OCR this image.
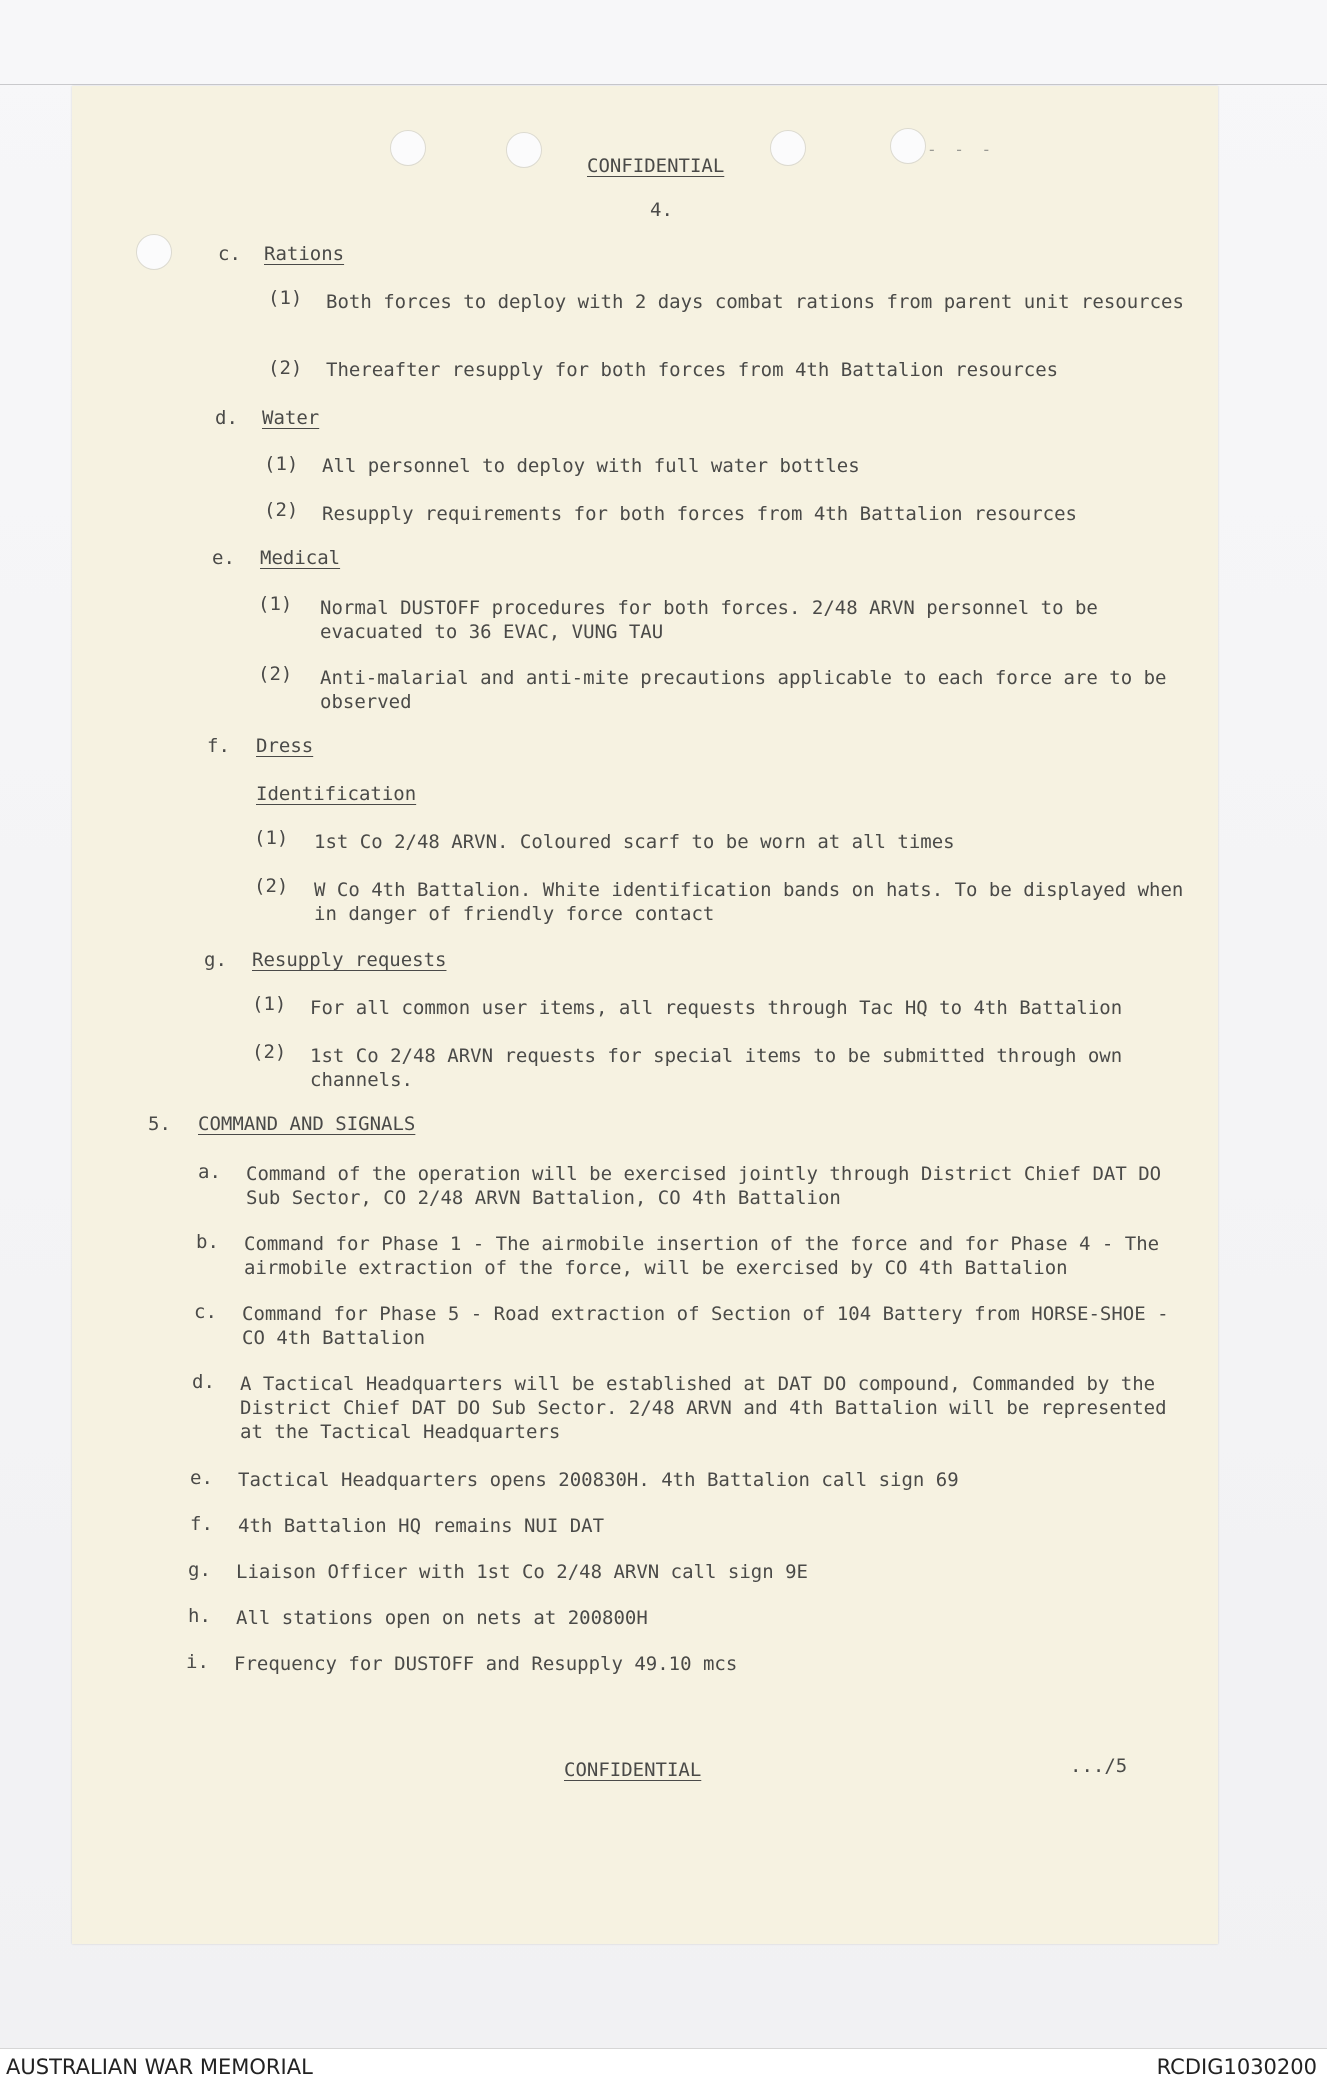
- - -
CONFIDENTIAL
4.
c. Rations
(1) Both forces to deploy with 2 days combat rations from parent unit resources
(2) Thereafter resupply for both forces from 4th Battalion resources
d. Water
(1) All personnel to deploy with full water bottles
(2) Resupply requirements for both forces from 4th Battalion resources
e. Medical
(1) Normal DUSTOFF procedures for both forces. 2/48 ARVN personnel to be evacuated to 36 EVAC, VUNG TAU
(2) Anti-malarial and anti-mite precautions applicable to each force are to be observed
f. Dress
Identification
(1) 1st Co 2/48 ARVN. Coloured scarf to be worn at all times
(2) W Co 4th Battalion. White identification bands on hats. To be displayed when in danger of friendly force contact
g. Resupply requests
(1) For all common user items, all requests through Tac HQ to 4th Battalion
(2) 1st Co 2/48 ARVN requests for special items to be submitted through own channels.
5. COMMAND AND SIGNALS
a. Command of the operation will be exercised jointly through District Chief DAT DO Sub Sector, CO 2/48 ARVN Battalion, CO 4th Battalion
b. Command for Phase 1 - The airmobile insertion of the force and for Phase 4 - The airmobile extraction of the force, will be exercised by CO 4th Battalion
c. Command for Phase 5 - Road extraction of Section of 104 Battery from HORSE-SHOE - CO 4th Battalion
d. A Tactical Headquarters will be established at DAT DO compound, Commanded by the District Chief DAT DO Sub Sector. 2/48 ARVN and 4th Battalion will be represented at the Tactical Headquarters
e. Tactical Headquarters opens 200830H. 4th Battalion call sign 69
f. 4th Battalion HQ remains NUI DAT
g. Liaison Officer with 1st Co 2/48 ARVN call sign 9E
h. All stations open on nets at 200800H
i. Frequency for DUSTOFF and Resupply 49.10 mcs
CONFIDENTIAL	.../5
AUSTRALIAN WAR MEMORIAL	RCDIG1030200
